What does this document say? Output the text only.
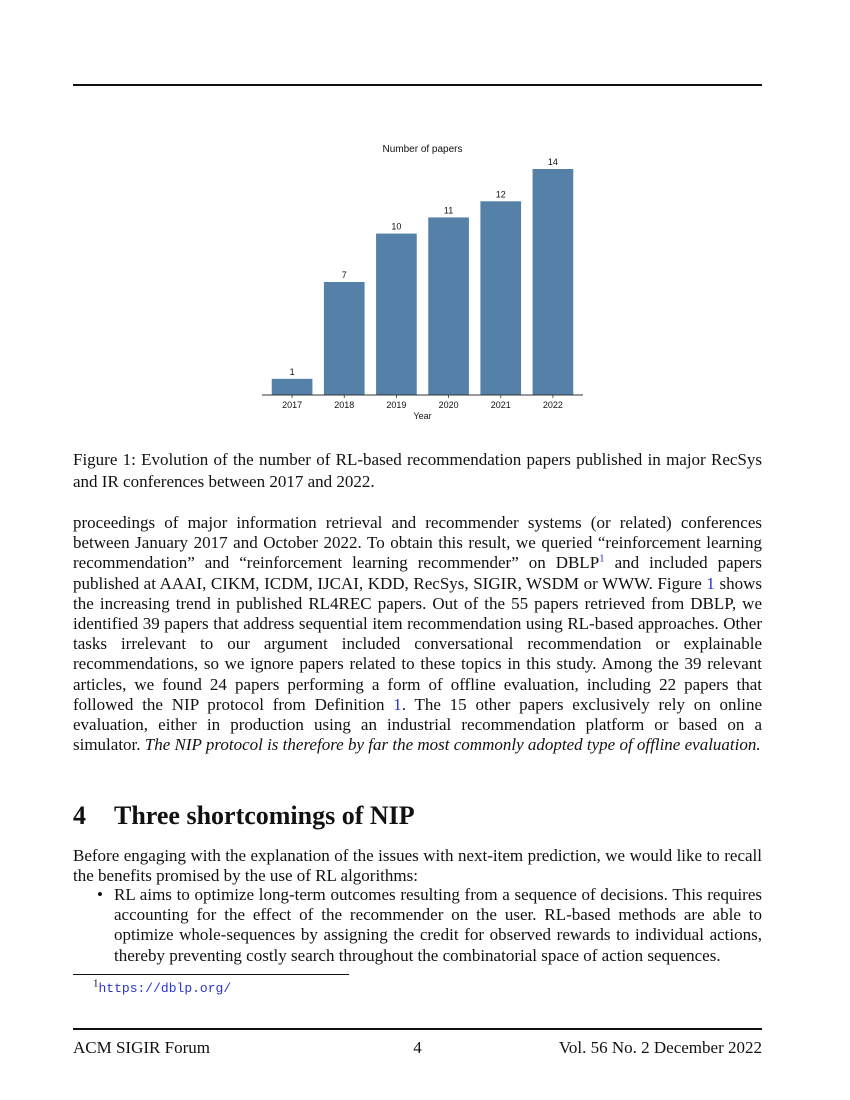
Number of papers
1
2017
7
2018
10
2019
11
2020
12
2021
14
2022
Year

Figure 1: Evolution of the number of RL-based recommendation papers published in major RecSys and IR conferences between 2017 and 2022.

proceedings of major information retrieval and recommender systems (or related) conferences between January 2017 and October 2022. To obtain this result, we queried “reinforcement learning recommendation” and “reinforcement learning recommender” on DBLP$^1$ and included papers published at AAAI, CIKM, ICDM, IJCAI, KDD, RecSys, SIGIR, WSDM or WWW. Figure 1 shows the increasing trend in published RL4REC papers. Out of the 55 papers retrieved from DBLP, we identified 39 papers that address sequential item recommendation using RL-based approaches. Other tasks irrelevant to our argument included conversational recommendation or explainable recommendations, so we ignore papers related to these topics in this study. Among the 39 relevant articles, we found 24 papers performing a form of offline evaluation, including 22 papers that followed the NIP protocol from Definition 1. The 15 other papers exclusively rely on online evaluation, either in production using an industrial recommendation platform or based on a simulator. The NIP protocol is therefore by far the most commonly adopted type of offline evaluation.

4 Three shortcomings of NIP

Before engaging with the explanation of the issues with next-item prediction, we would like to recall the benefits promised by the use of RL algorithms:

• RL aims to optimize long-term outcomes resulting from a sequence of decisions. This requires accounting for the effect of the recommender on the user. RL-based methods are able to optimize whole-sequences by assigning the credit for observed rewards to individual actions, thereby preventing costly search throughout the combinatorial space of action sequences.
$^1$https://dblp.org/
ACM SIGIR Forum	4	Vol. 56 No. 2 December 2022
